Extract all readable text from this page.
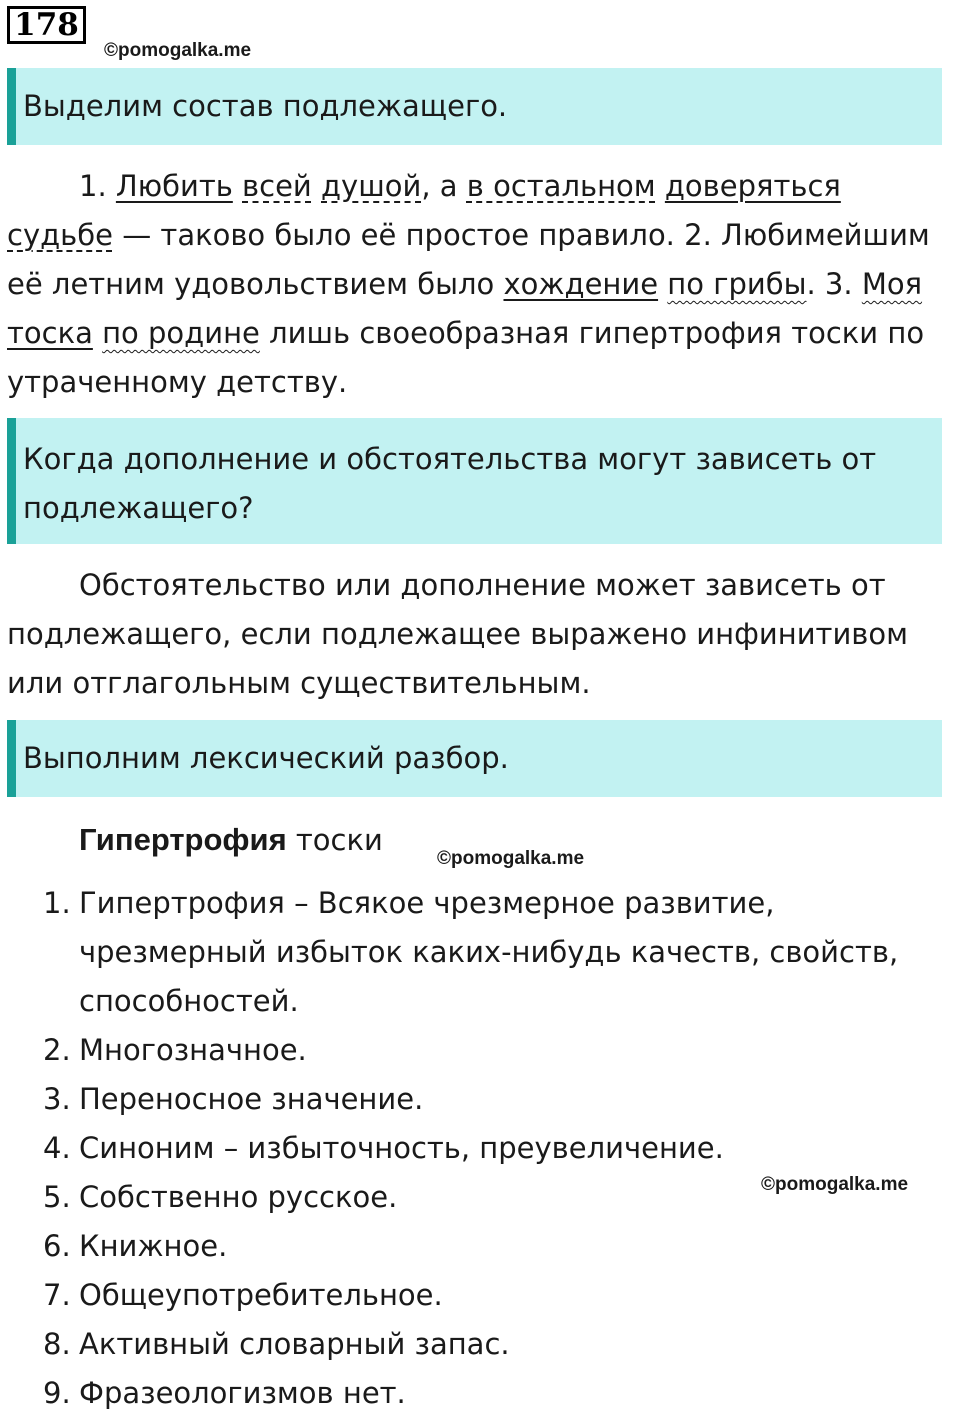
178
©pomogalka.me
Выделим состав подлежащего.
1. Любить всей душой, а в остальном доверяться судьбе — таково было её простое правило. 2. Любимейшим её летним удовольствием было хождение по грибы. 3. Моя тоска по родине лишь своеобразная гипертрофия тоски по утраченному детству.
Когда дополнение и обстоятельства могут зависеть от подлежащего?
Обстоятельство или дополнение может зависеть от подлежащего, если подлежащее выражено инфинитивом или отглагольным существительным.
Выполним лексический разбор.
Гипертрофия тоски
©pomogalka.me
1. Гипертрофия – Всякое чрезмерное развитие, чрезмерный избыток каких-нибудь качеств, свойств, способностей.
2. Многозначное.
3. Переносное значение.
4. Синоним – избыточность, преувеличение.
5. Собственно русское.
6. Книжное.
7. Общеупотребительное.
8. Активный словарный запас.
9. Фразеологизмов нет.
©pomogalka.me
